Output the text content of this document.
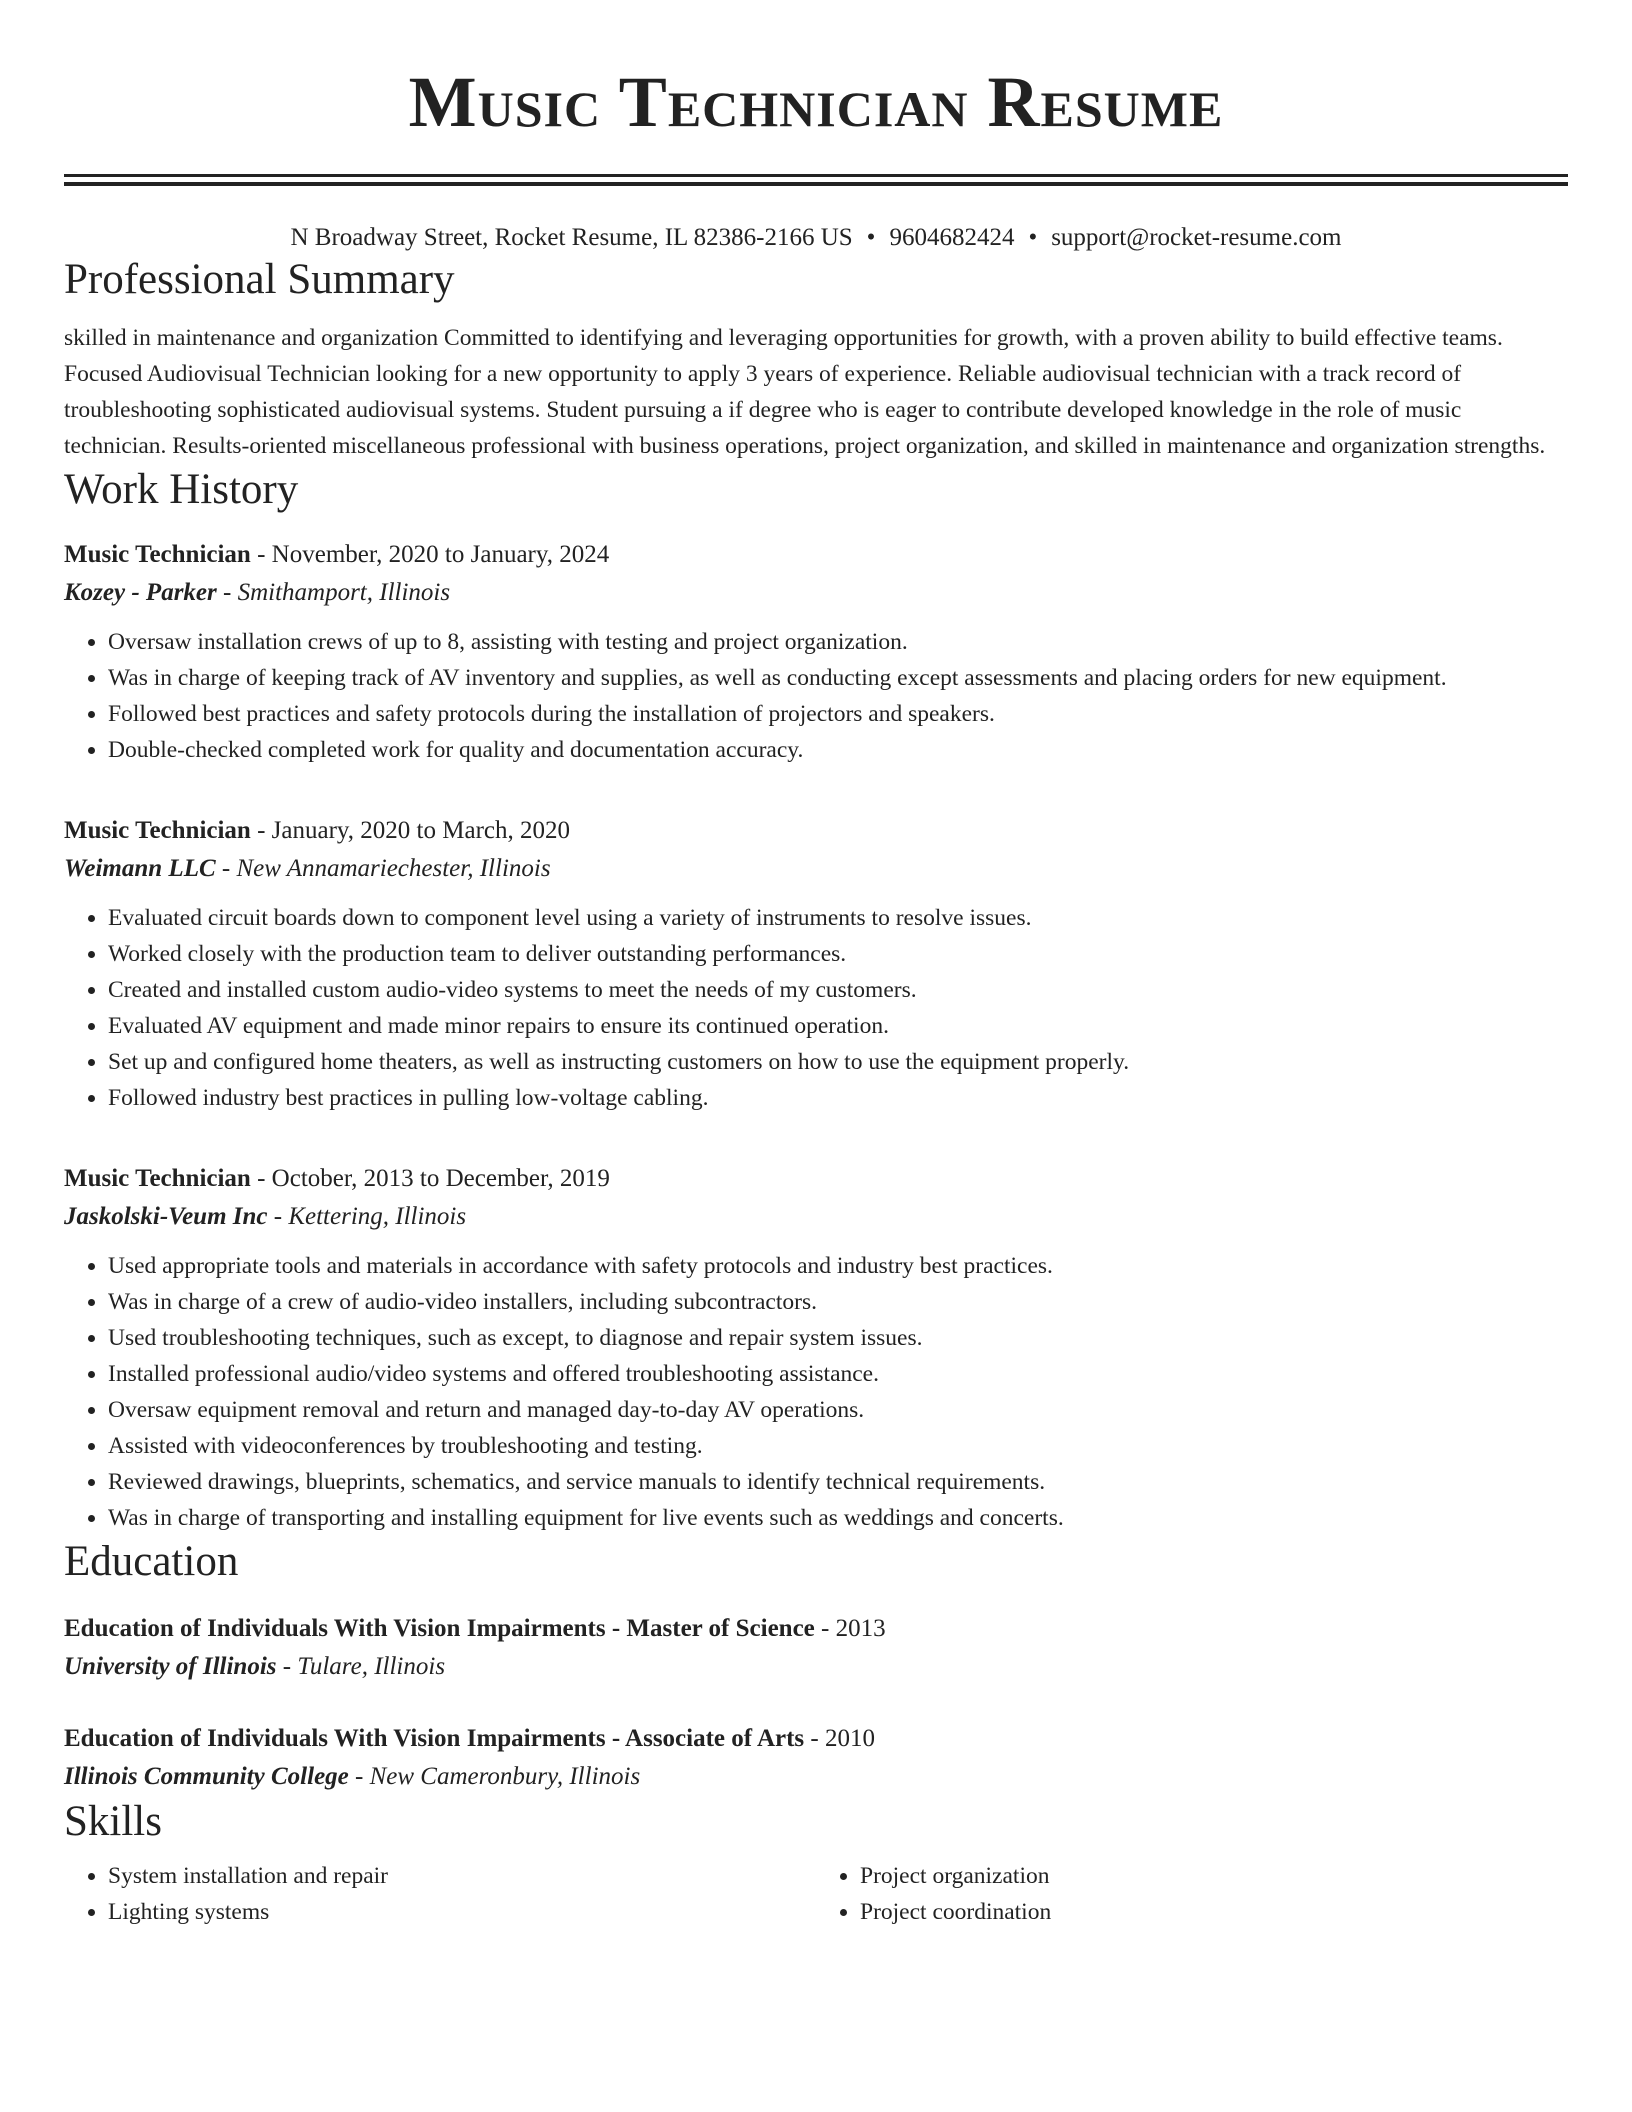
Music Technician Resume
N Broadway Street, Rocket Resume, IL 82386-2166 US • 9604682424 • support@rocket-resume.com
Professional Summary
skilled in maintenance and organization Committed to identifying and leveraging opportunities for growth, with a proven ability to build effective teams. Focused Audiovisual Technician looking for a new opportunity to apply 3 years of experience. Reliable audiovisual technician with a track record of troubleshooting sophisticated audiovisual systems. Student pursuing a if degree who is eager to contribute developed knowledge in the role of music technician. Results-oriented miscellaneous professional with business operations, project organization, and skilled in maintenance and organization strengths.
Work History
Music Technician - November, 2020 to January, 2024
Kozey - Parker - Smithamport, Illinois
• Oversaw installation crews of up to 8, assisting with testing and project organization.
• Was in charge of keeping track of AV inventory and supplies, as well as conducting except assessments and placing orders for new equipment.
• Followed best practices and safety protocols during the installation of projectors and speakers.
• Double-checked completed work for quality and documentation accuracy.
Music Technician - January, 2020 to March, 2020
Weimann LLC - New Annamariechester, Illinois
• Evaluated circuit boards down to component level using a variety of instruments to resolve issues.
• Worked closely with the production team to deliver outstanding performances.
• Created and installed custom audio-video systems to meet the needs of my customers.
• Evaluated AV equipment and made minor repairs to ensure its continued operation.
• Set up and configured home theaters, as well as instructing customers on how to use the equipment properly.
• Followed industry best practices in pulling low-voltage cabling.
Music Technician - October, 2013 to December, 2019
Jaskolski-Veum Inc - Kettering, Illinois
• Used appropriate tools and materials in accordance with safety protocols and industry best practices.
• Was in charge of a crew of audio-video installers, including subcontractors.
• Used troubleshooting techniques, such as except, to diagnose and repair system issues.
• Installed professional audio/video systems and offered troubleshooting assistance.
• Oversaw equipment removal and return and managed day-to-day AV operations.
• Assisted with videoconferences by troubleshooting and testing.
• Reviewed drawings, blueprints, schematics, and service manuals to identify technical requirements.
• Was in charge of transporting and installing equipment for live events such as weddings and concerts.
Education
Education of Individuals With Vision Impairments - Master of Science - 2013
University of Illinois - Tulare, Illinois
Education of Individuals With Vision Impairments - Associate of Arts - 2010
Illinois Community College - New Cameronbury, Illinois
Skills
• System installation and repair
• Lighting systems
• Project organization
• Project coordination
